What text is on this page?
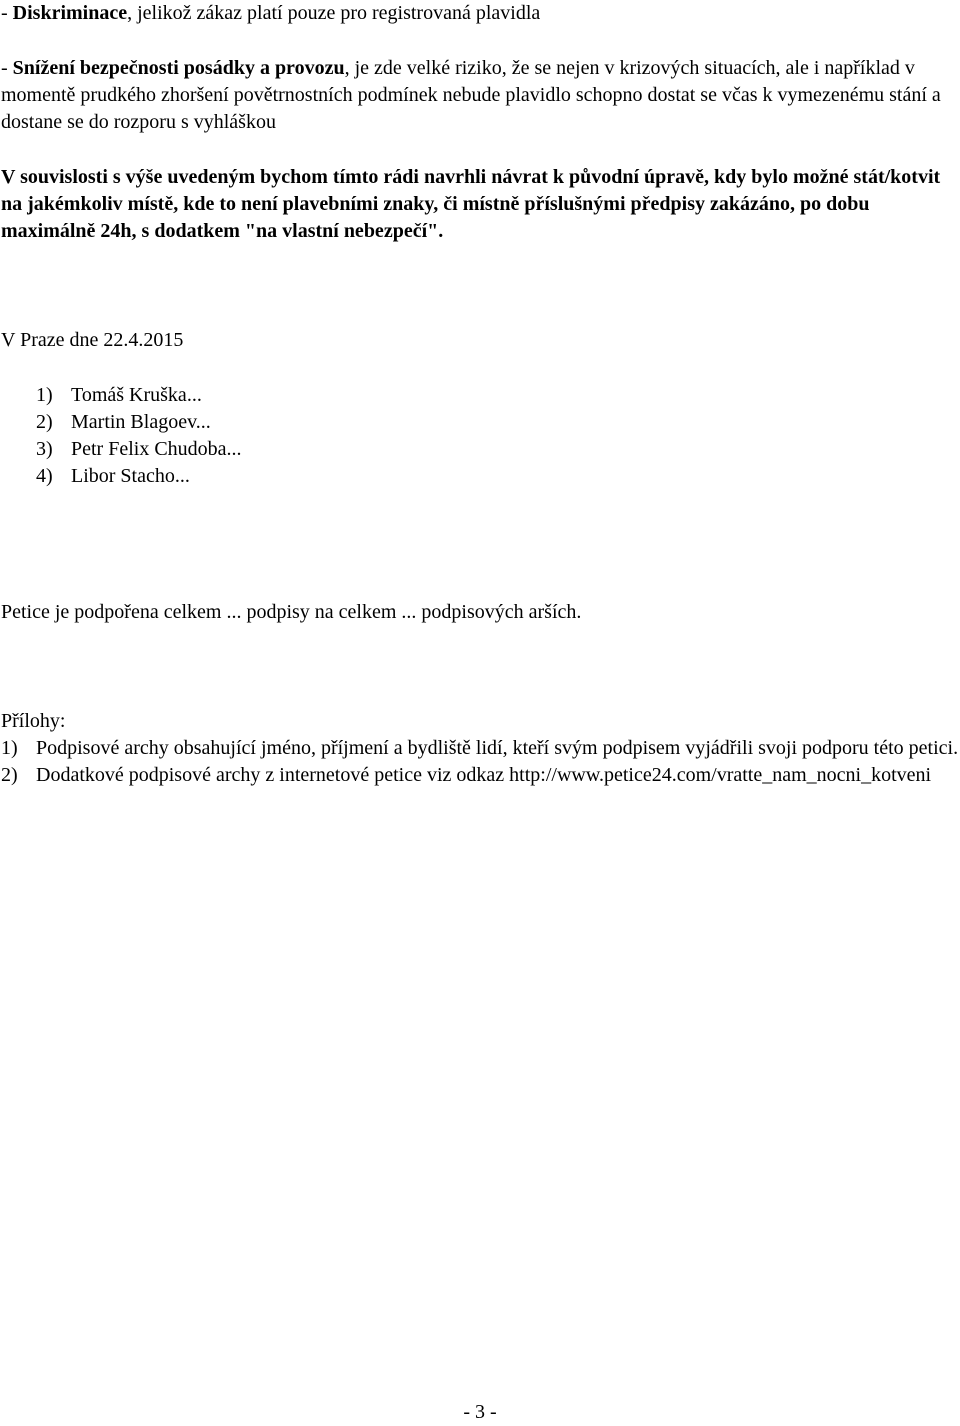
- Diskriminace, jelikož zákaz platí pouze pro registrovaná plavidla

- Snížení bezpečnosti posádky a provozu, je zde velké riziko, že se nejen v krizových situacích, ale i například v momentě prudkého zhoršení povětrnostních podmínek nebude plavidlo schopno dostat se včas k vymezenému stání a dostane se do rozporu s vyhláškou

V souvislosti s výše uvedeným bychom tímto rádi navrhli návrat k původní úpravě, kdy bylo možné stát/kotvit na jakémkoliv místě, kde to není plavebními znaky, či místně příslušnými předpisy zakázáno, po dobu maximálně 24h, s dodatkem "na vlastní nebezpečí".

V Praze dne 22.4.2015

1) Tomáš Kruška...
2) Martin Blagoev...
3) Petr Felix Chudoba...
4) Libor Stacho...

Petice je podpořena celkem ... podpisy na celkem ... podpisových arších.

Přílohy:

1) Podpisové archy obsahující jméno, příjmení a bydliště lidí, kteří svým podpisem vyjádřili svoji podporu této petici.
2) Dodatkové podpisové archy z internetové petice viz odkaz http://www.petice24.com/vratte_nam_nocni_kotveni
- 3 -
